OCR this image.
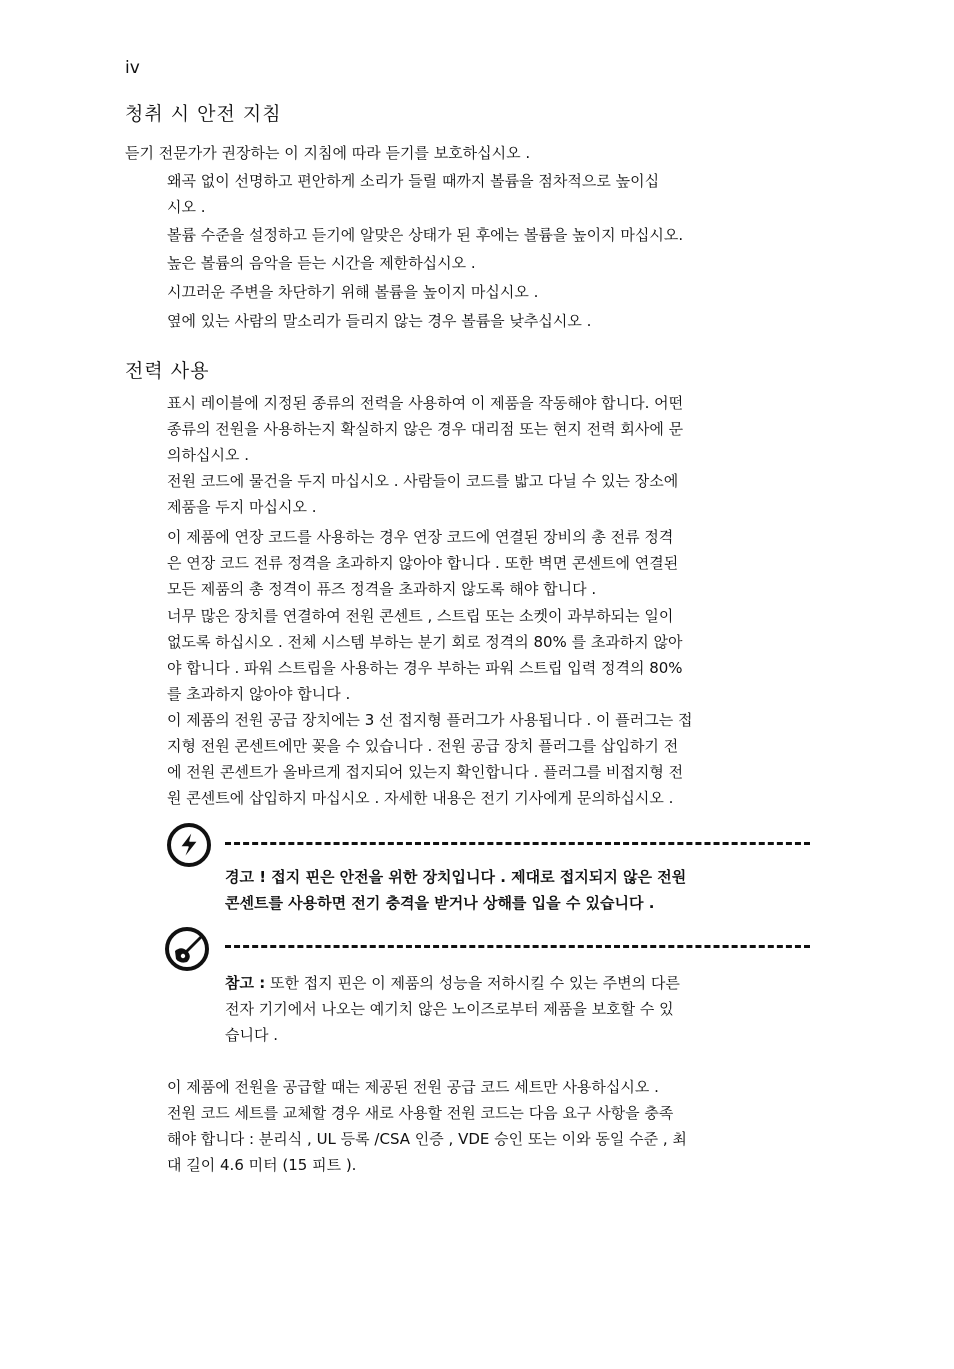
iv
청취 시 안전 지침
듣기 전문가가 권장하는 이 지침에 따라 듣기를 보호하십시오 .
왜곡 없이 선명하고 편안하게 소리가 들릴 때까지 볼륨을 점차적으로 높이십
시오 .
볼륨 수준을 설정하고 듣기에 알맞은 상태가 된 후에는 볼륨을 높이지 마십시오.
높은 볼륨의 음악을 듣는 시간을 제한하십시오 .
시끄러운 주변을 차단하기 위해 볼륨을 높이지 마십시오 .
옆에 있는 사람의 말소리가 들리지 않는 경우 볼륨을 낮추십시오 .
전력 사용
표시 레이블에 지정된 종류의 전력을 사용하여 이 제품을 작동해야 합니다. 어떤
종류의 전원을 사용하는지 확실하지 않은 경우 대리점 또는 현지 전력 회사에 문
의하십시오 .
전원 코드에 물건을 두지 마십시오 . 사람들이 코드를 밟고 다닐 수 있는 장소에
제품을 두지 마십시오 .
이 제품에 연장 코드를 사용하는 경우 연장 코드에 연결된 장비의 총 전류 정격
은 연장 코드 전류 정격을 초과하지 않아야 합니다 . 또한 벽면 콘센트에 연결된
모든 제품의 총 정격이 퓨즈 정격을 초과하지 않도록 해야 합니다 .
너무 많은 장치를 연결하여 전원 콘센트 , 스트립 또는 소켓이 과부하되는 일이
없도록 하십시오 . 전체 시스템 부하는 분기 회로 정격의 80% 를 초과하지 않아
야 합니다 . 파워 스트립을 사용하는 경우 부하는 파워 스트립 입력 정격의 80%
를 초과하지 않아야 합니다 .
이 제품의 전원 공급 장치에는 3 선 접지형 플러그가 사용됩니다 . 이 플러그는 접
지형 전원 콘센트에만 꽂을 수 있습니다 . 전원 공급 장치 플러그를 삽입하기 전
에 전원 콘센트가 올바르게 접지되어 있는지 확인합니다 . 플러그를 비접지형 전
원 콘센트에 삽입하지 마십시오 . 자세한 내용은 전기 기사에게 문의하십시오 .
경고 ! 접지 핀은 안전을 위한 장치입니다 . 제대로 접지되지 않은 전원
콘센트를 사용하면 전기 충격을 받거나 상해를 입을 수 있습니다 .
참고 : 또한 접지 핀은 이 제품의 성능을 저하시킬 수 있는 주변의 다른
전자 기기에서 나오는 예기치 않은 노이즈로부터 제품을 보호할 수 있
습니다 .
이 제품에 전원을 공급할 때는 제공된 전원 공급 코드 세트만 사용하십시오 .
전원 코드 세트를 교체할 경우 새로 사용할 전원 코드는 다음 요구 사항을 충족
해야 합니다 : 분리식 , UL 등록 /CSA 인증 , VDE 승인 또는 이와 동일 수준 , 최
대 길이 4.6 미터 (15 피트 ).
